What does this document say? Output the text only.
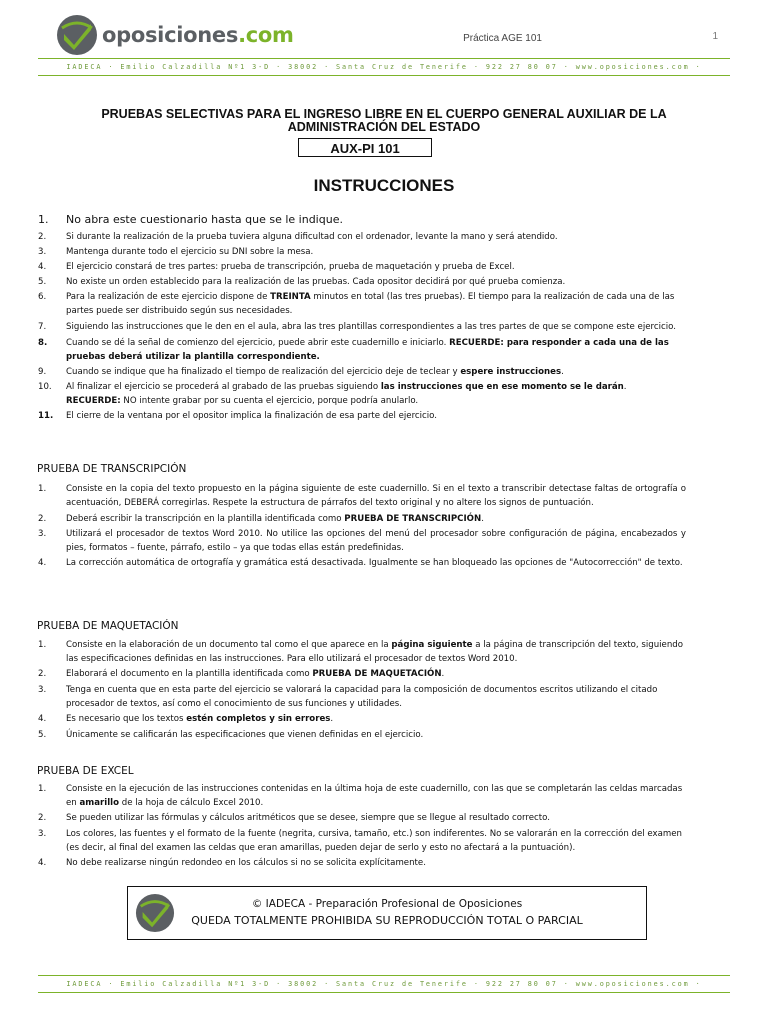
oposiciones.com	Práctica AGE 101	1
IADECA · Emilio Calzadilla Nº1 3-D · 38002 · Santa Cruz de Tenerife · 922 27 80 07 · www.oposiciones.com ·
PRUEBAS SELECTIVAS PARA EL INGRESO LIBRE EN EL CUERPO GENERAL AUXILIAR DE LA ADMINISTRACIÓN DEL ESTADO
AUX-PI 101
INSTRUCCIONES
1.	No abra este cuestionario hasta que se le indique.
2.	Si durante la realización de la prueba tuviera alguna dificultad con el ordenador, levante la mano y será atendido.
3.	Mantenga durante todo el ejercicio su DNI sobre la mesa.
4.	El ejercicio constará de tres partes: prueba de transcripción, prueba de maquetación y prueba de Excel.
5.	No existe un orden establecido para la realización de las pruebas. Cada opositor decidirá por qué prueba comienza.
6.	Para la realización de este ejercicio dispone de TREINTA minutos en total (las tres pruebas). El tiempo para la realización de cada una de las partes puede ser distribuido según sus necesidades.
7.	Siguiendo las instrucciones que le den en el aula, abra las tres plantillas correspondientes a las tres partes de que se compone este ejercicio.
8.	Cuando se dé la señal de comienzo del ejercicio, puede abrir este cuadernillo e iniciarlo. RECUERDE: para responder a cada una de las pruebas deberá utilizar la plantilla correspondiente.
9.	Cuando se indique que ha finalizado el tiempo de realización del ejercicio deje de teclear y espere instrucciones.
10.	Al finalizar el ejercicio se procederá al grabado de las pruebas siguiendo las instrucciones que en ese momento se le darán.
RECUERDE: NO intente grabar por su cuenta el ejercicio, porque podría anularlo.
11.	El cierre de la ventana por el opositor implica la finalización de esa parte del ejercicio.
PRUEBA DE TRANSCRIPCIÓN
1.	Consiste en la copia del texto propuesto en la página siguiente de este cuadernillo. Si en el texto a transcribir detectase faltas de ortografía o acentuación, DEBERÁ corregirlas. Respete la estructura de párrafos del texto original y no altere los signos de puntuación.
2.	Deberá escribir la transcripción en la plantilla identificada como PRUEBA DE TRANSCRIPCIÓN.
3.	Utilizará el procesador de textos Word 2010. No utilice las opciones del menú del procesador sobre configuración de página, encabezados y pies, formatos – fuente, párrafo, estilo – ya que todas ellas están predefinidas.
4.	La corrección automática de ortografía y gramática está desactivada. Igualmente se han bloqueado las opciones de "Autocorrección" de texto.
PRUEBA DE MAQUETACIÓN
1.	Consiste en la elaboración de un documento tal como el que aparece en la página siguiente a la página de transcripción del texto, siguiendo las especificaciones definidas en las instrucciones. Para ello utilizará el procesador de textos Word 2010.
2.	Elaborará el documento en la plantilla identificada como PRUEBA DE MAQUETACIÓN.
3.	Tenga en cuenta que en esta parte del ejercicio se valorará la capacidad para la composición de documentos escritos utilizando el citado procesador de textos, así como el conocimiento de sus funciones y utilidades.
4.	Es necesario que los textos estén completos y sin errores.
5.	Únicamente se calificarán las especificaciones que vienen definidas en el ejercicio.
PRUEBA DE EXCEL
1.	Consiste en la ejecución de las instrucciones contenidas en la última hoja de este cuadernillo, con las que se completarán las celdas marcadas en amarillo de la hoja de cálculo Excel 2010.
2.	Se pueden utilizar las fórmulas y cálculos aritméticos que se desee, siempre que se llegue al resultado correcto.
3.	Los colores, las fuentes y el formato de la fuente (negrita, cursiva, tamaño, etc.) son indiferentes. No se valorarán en la corrección del examen (es decir, al final del examen las celdas que eran amarillas, pueden dejar de serlo y esto no afectará a la puntuación).
4.	No debe realizarse ningún redondeo en los cálculos si no se solicita explícitamente.
© IADECA - Preparación Profesional de Oposiciones
QUEDA TOTALMENTE PROHIBIDA SU REPRODUCCIÓN TOTAL O PARCIAL
IADECA · Emilio Calzadilla Nº1 3-D · 38002 · Santa Cruz de Tenerife · 922 27 80 07 · www.oposiciones.com ·
